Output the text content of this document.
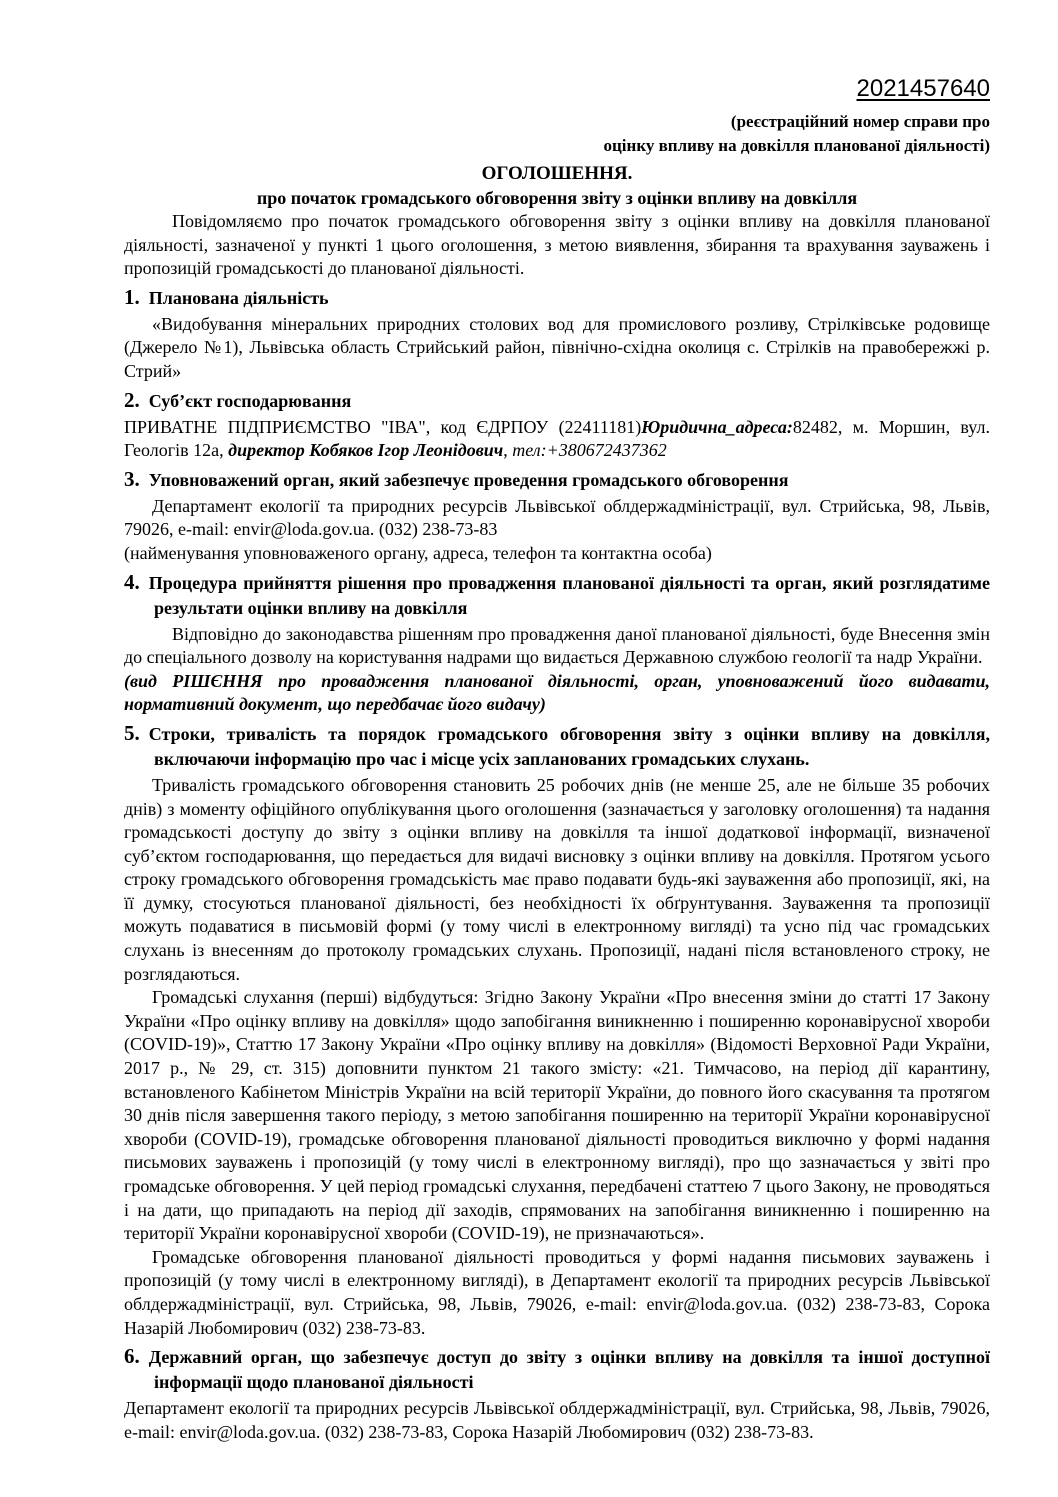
2021457640
(реєстраційний номер справи про
оцінку впливу на довкілля планованої діяльності)
ОГОЛОШЕННЯ.
про початок громадського обговорення звіту з оцінки впливу на довкілля

Повідомляємо про початок громадського обговорення звіту з оцінки впливу на довкілля планованої діяльності, зазначеної у пункті 1 цього оголошення, з метою виявлення, збирання та врахування зауважень і пропозицій громадськості до планованої діяльності.

1. Планована діяльність

«Видобування мінеральних природних столових вод для промислового розливу, Стрілківське родовище (Джерело №1), Львівська область Стрийський район, північно-східна околиця с. Стрілків на правобережжі р. Стрий»

2. Суб’єкт господарювання

ПРИВАТНЕ ПІДПРИЄМСТВО "ІВА", код ЄДРПОУ (22411181)Юридична_адреса:82482, м. Моршин, вул. Геологів 12а, директор Кобяков Ігор Леонідович, тел:+380672437362

3. Уповноважений орган, який забезпечує проведення громадського обговорення

Департамент екології та природних ресурсів Львівської облдержадміністрації, вул. Стрийська, 98, Львів, 79026, e-mail: envir@loda.gov.ua. (032) 238-73-83

(найменування уповноваженого органу, адреса, телефон та контактна особа)

4. Процедура прийняття рішення про провадження планованої діяльності та орган, який розглядатиме результати оцінки впливу на довкілля

Відповідно до законодавства рішенням про провадження даної планованої діяльності, буде Внесення змін до спеціального дозволу на користування надрами що видається Державною службою геології та надр України.

(вид РІШЄННЯ про провадження планованої діяльності, орган, уповноважений його видавати, нормативний документ, що передбачає його видачу)

5. Строки, тривалість та порядок громадського обговорення звіту з оцінки впливу на довкілля, включаючи інформацію про час і місце усіх запланованих громадських слухань.

Тривалість громадського обговорення становить 25 робочих днів (не менше 25, але не більше 35 робочих днів) з моменту офіційного опублікування цього оголошення (зазначається у заголовку оголошення) та надання громадськості доступу до звіту з оцінки впливу на довкілля та іншої додаткової інформації, визначеної суб’єктом господарювання, що передається для видачі висновку з оцінки впливу на довкілля. Протягом усього строку громадського обговорення громадськість має право подавати будь-які зауваження або пропозиції, які, на її думку, стосуються планованої діяльності, без необхідності їх обґрунтування. Зауваження та пропозиції можуть подаватися в письмовій формі (у тому числі в електронному вигляді) та усно під час громадських слухань із внесенням до протоколу громадських слухань. Пропозиції, надані після встановленого строку, не розглядаються.

Громадські слухання (перші) відбудуться: Згідно Закону України «Про внесення зміни до статті 17 Закону України «Про оцінку впливу на довкілля» щодо запобігання виникненню і поширенню коронавірусної хвороби (COVID-19)», Статтю 17 Закону України «Про оцінку впливу на довкілля» (Відомості Верховної Ради України, 2017 р., № 29, ст. 315) доповнити пунктом 21 такого змісту: «21. Тимчасово, на період дії карантину, встановленого Кабінетом Міністрів України на всій території України, до повного його скасування та протягом 30 днів після завершення такого періоду, з метою запобігання поширенню на території України коронавірусної хвороби (COVID-19), громадське обговорення планованої діяльності проводиться виключно у формі надання письмових зауважень і пропозицій (у тому числі в електронному вигляді), про що зазначається у звіті про громадське обговорення. У цей період громадські слухання, передбачені статтею 7 цього Закону, не проводяться і на дати, що припадають на період дії заходів, спрямованих на запобігання виникненню і поширенню на території України коронавірусної хвороби (COVID-19), не призначаються».

Громадське обговорення планованої діяльності проводиться у формі надання письмових зауважень і пропозицій (у тому числі в електронному вигляді), в Департамент екології та природних ресурсів Львівської облдержадміністрації, вул. Стрийська, 98, Львів, 79026, e-mail: envir@loda.gov.ua. (032) 238-73-83, Сорока Назарій Любомирович (032) 238-73-83.

6. Державний орган, що забезпечує доступ до звіту з оцінки впливу на довкілля та іншої доступної інформації щодо планованої діяльності

Департамент екології та природних ресурсів Львівської облдержадміністрації, вул. Стрийська, 98, Львів, 79026, e-mail: envir@loda.gov.ua. (032) 238-73-83, Сорока Назарій Любомирович (032) 238-73-83.
